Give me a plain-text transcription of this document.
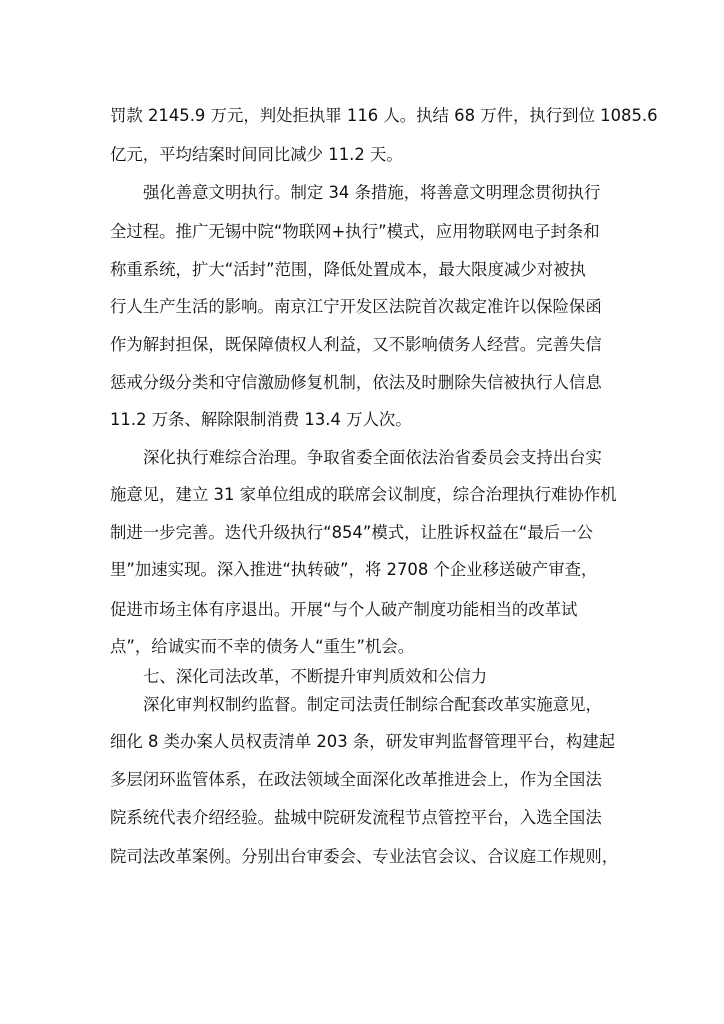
罚款 2145.9 万元，判处拒执罪 116 人。执结 68 万件，执行到位 1085.6
亿元，平均结案时间同比减少 11.2 天。
强化善意文明执行。制定 34 条措施，将善意文明理念贯彻执行
全过程。推广无锡中院“物联网+执行”模式，应用物联网电子封条和
称重系统，扩大“活封”范围，降低处置成本，最大限度减少对被执
行人生产生活的影响。南京江宁开发区法院首次裁定准许以保险保函
作为解封担保，既保障债权人利益，又不影响债务人经营。完善失信
惩戒分级分类和守信激励修复机制，依法及时删除失信被执行人信息
11.2 万条、解除限制消费 13.4 万人次。
深化执行难综合治理。争取省委全面依法治省委员会支持出台实
施意见，建立 31 家单位组成的联席会议制度，综合治理执行难协作机
制进一步完善。迭代升级执行“854”模式，让胜诉权益在“最后一公
里”加速实现。深入推进“执转破”，将 2708 个企业移送破产审查，
促进市场主体有序退出。开展“与个人破产制度功能相当的改革试
点”，给诚实而不幸的债务人“重生”机会。
七、深化司法改革，不断提升审判质效和公信力
深化审判权制约监督。制定司法责任制综合配套改革实施意见，
细化 8 类办案人员权责清单 203 条，研发审判监督管理平台，构建起
多层闭环监管体系，在政法领域全面深化改革推进会上，作为全国法
院系统代表介绍经验。盐城中院研发流程节点管控平台，入选全国法
院司法改革案例。分别出台审委会、专业法官会议、合议庭工作规则，
